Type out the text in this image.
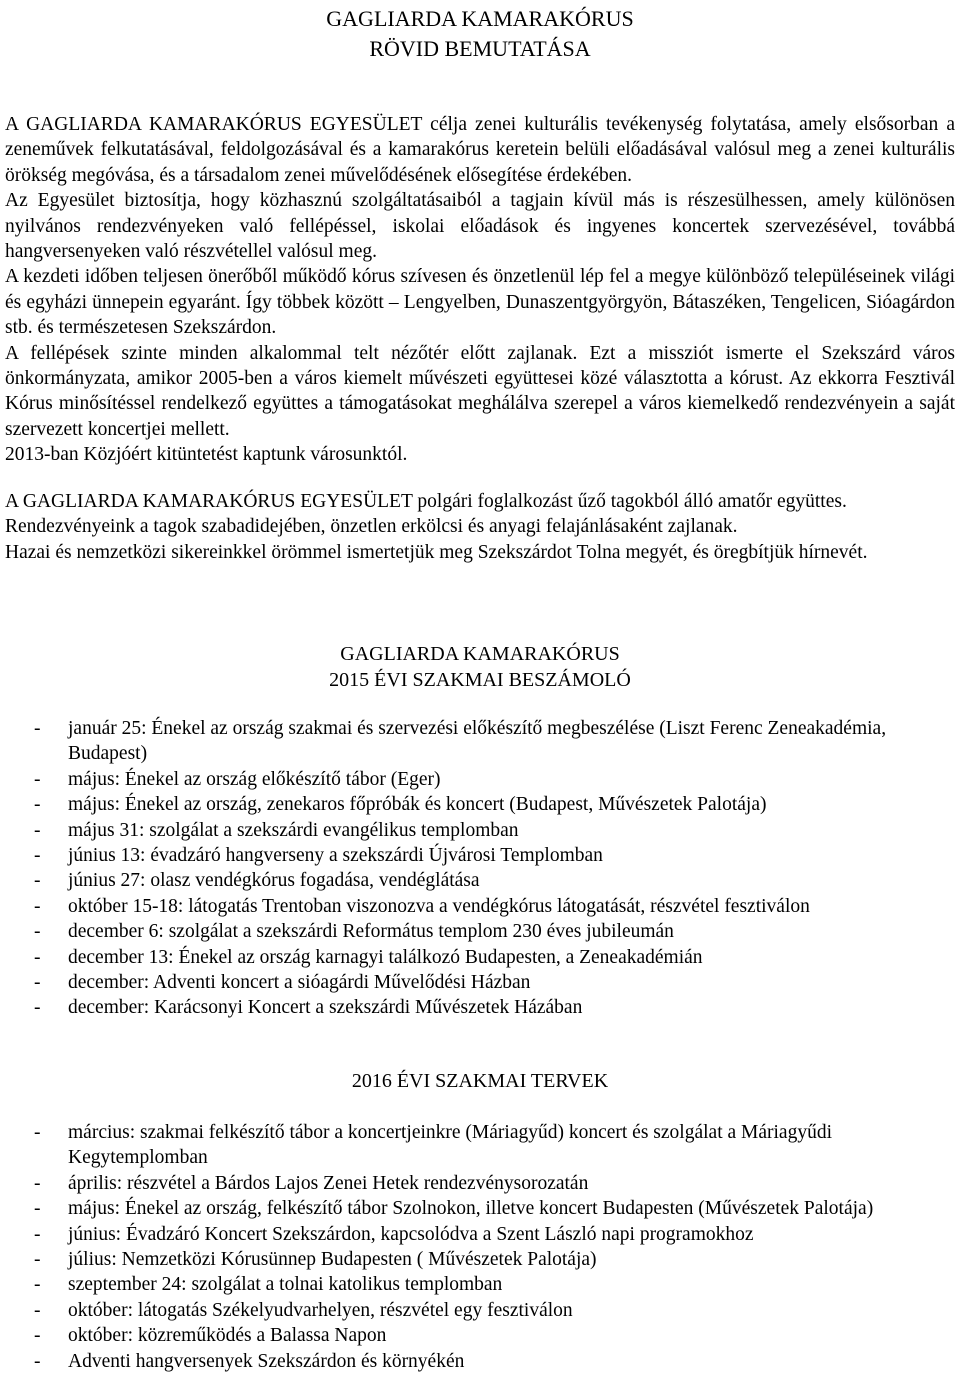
GAGLIARDA KAMARAKÓRUS
RÖVID BEMUTATÁSA

A GAGLIARDA KAMARAKÓRUS EGYESÜLET célja zenei kulturális tevékenység folytatása, amely elsősorban a zeneművek felkutatásával, feldolgozásával és a kamarakórus keretein belüli előadásával valósul meg a zenei kulturális örökség megóvása, és a társadalom zenei művelődésének elősegítése érdekében.

Az Egyesület biztosítja, hogy közhasznú szolgáltatásaiból a tagjain kívül más is részesülhessen, amely különösen nyilvános rendezvényeken való fellépéssel, iskolai előadások és ingyenes koncertek szervezésével, továbbá hangversenyeken való részvétellel valósul meg.

A kezdeti időben teljesen önerőből működő kórus szívesen és önzetlenül lép fel a megye különböző településeinek világi és egyházi ünnepein egyaránt. Így többek között – Lengyelben, Dunaszentgyörgyön, Bátaszéken, Tengelicen, Sióagárdon stb. és természetesen Szekszárdon.

A fellépések szinte minden alkalommal telt nézőtér előtt zajlanak. Ezt a missziót ismerte el Szekszárd város önkormányzata, amikor 2005-ben a város kiemelt művészeti együttesei közé választotta a kórust. Az ekkorra Fesztivál Kórus minősítéssel rendelkező együttes a támogatásokat meghálálva szerepel a város kiemelkedő rendezvényein a saját szervezett koncertjei mellett.

2013-ban Közjóért kitüntetést kaptunk városunktól.

A GAGLIARDA KAMARAKÓRUS EGYESÜLET polgári foglalkozást űző tagokból álló amatőr együttes.

Rendezvényeink a tagok szabadidejében, önzetlen erkölcsi és anyagi felajánlásaként zajlanak.

Hazai és nemzetközi sikereinkkel örömmel ismertetjük meg Szekszárdot Tolna megyét, és öregbítjük hírnevét.

GAGLIARDA KAMARAKÓRUS
2015 ÉVI SZAKMAI BESZÁMOLÓ
- január 25: Énekel az ország szakmai és szervezési előkészítő megbeszélése (Liszt Ferenc Zeneakadémia, Budapest)
- május: Énekel az ország előkészítő tábor (Eger)
- május: Énekel az ország, zenekaros főpróbák és koncert (Budapest, Művészetek Palotája)
- május 31: szolgálat a szekszárdi evangélikus templomban
- június 13: évadzáró hangverseny a szekszárdi Újvárosi Templomban
- június 27: olasz vendégkórus fogadása, vendéglátása
- október 15-18: látogatás Trentoban viszonozva a vendégkórus látogatását, részvétel fesztiválon
- december 6: szolgálat a szekszárdi Református templom 230 éves jubileumán
- december 13: Énekel az ország karnagyi találkozó Budapesten, a Zeneakadémián
- december: Adventi koncert a sióagárdi Művelődési Házban
- december: Karácsonyi Koncert a szekszárdi Művészetek Házában
2016 ÉVI SZAKMAI TERVEK
- március: szakmai felkészítő tábor a koncertjeinkre (Máriagyűd) koncert és szolgálat a Máriagyűdi Kegytemplomban
- április: részvétel a Bárdos Lajos Zenei Hetek rendezvénysorozatán
- május: Énekel az ország, felkészítő tábor Szolnokon, illetve koncert Budapesten (Művészetek Palotája)
- június: Évadzáró Koncert Szekszárdon, kapcsolódva a Szent László napi programokhoz
- július: Nemzetközi Kórusünnep Budapesten ( Művészetek Palotája)
- szeptember 24: szolgálat a tolnai katolikus templomban
- október: látogatás Székelyudvarhelyen, részvétel egy fesztiválon
- október: közreműködés a Balassa Napon
- Adventi hangversenyek Szekszárdon és környékén
